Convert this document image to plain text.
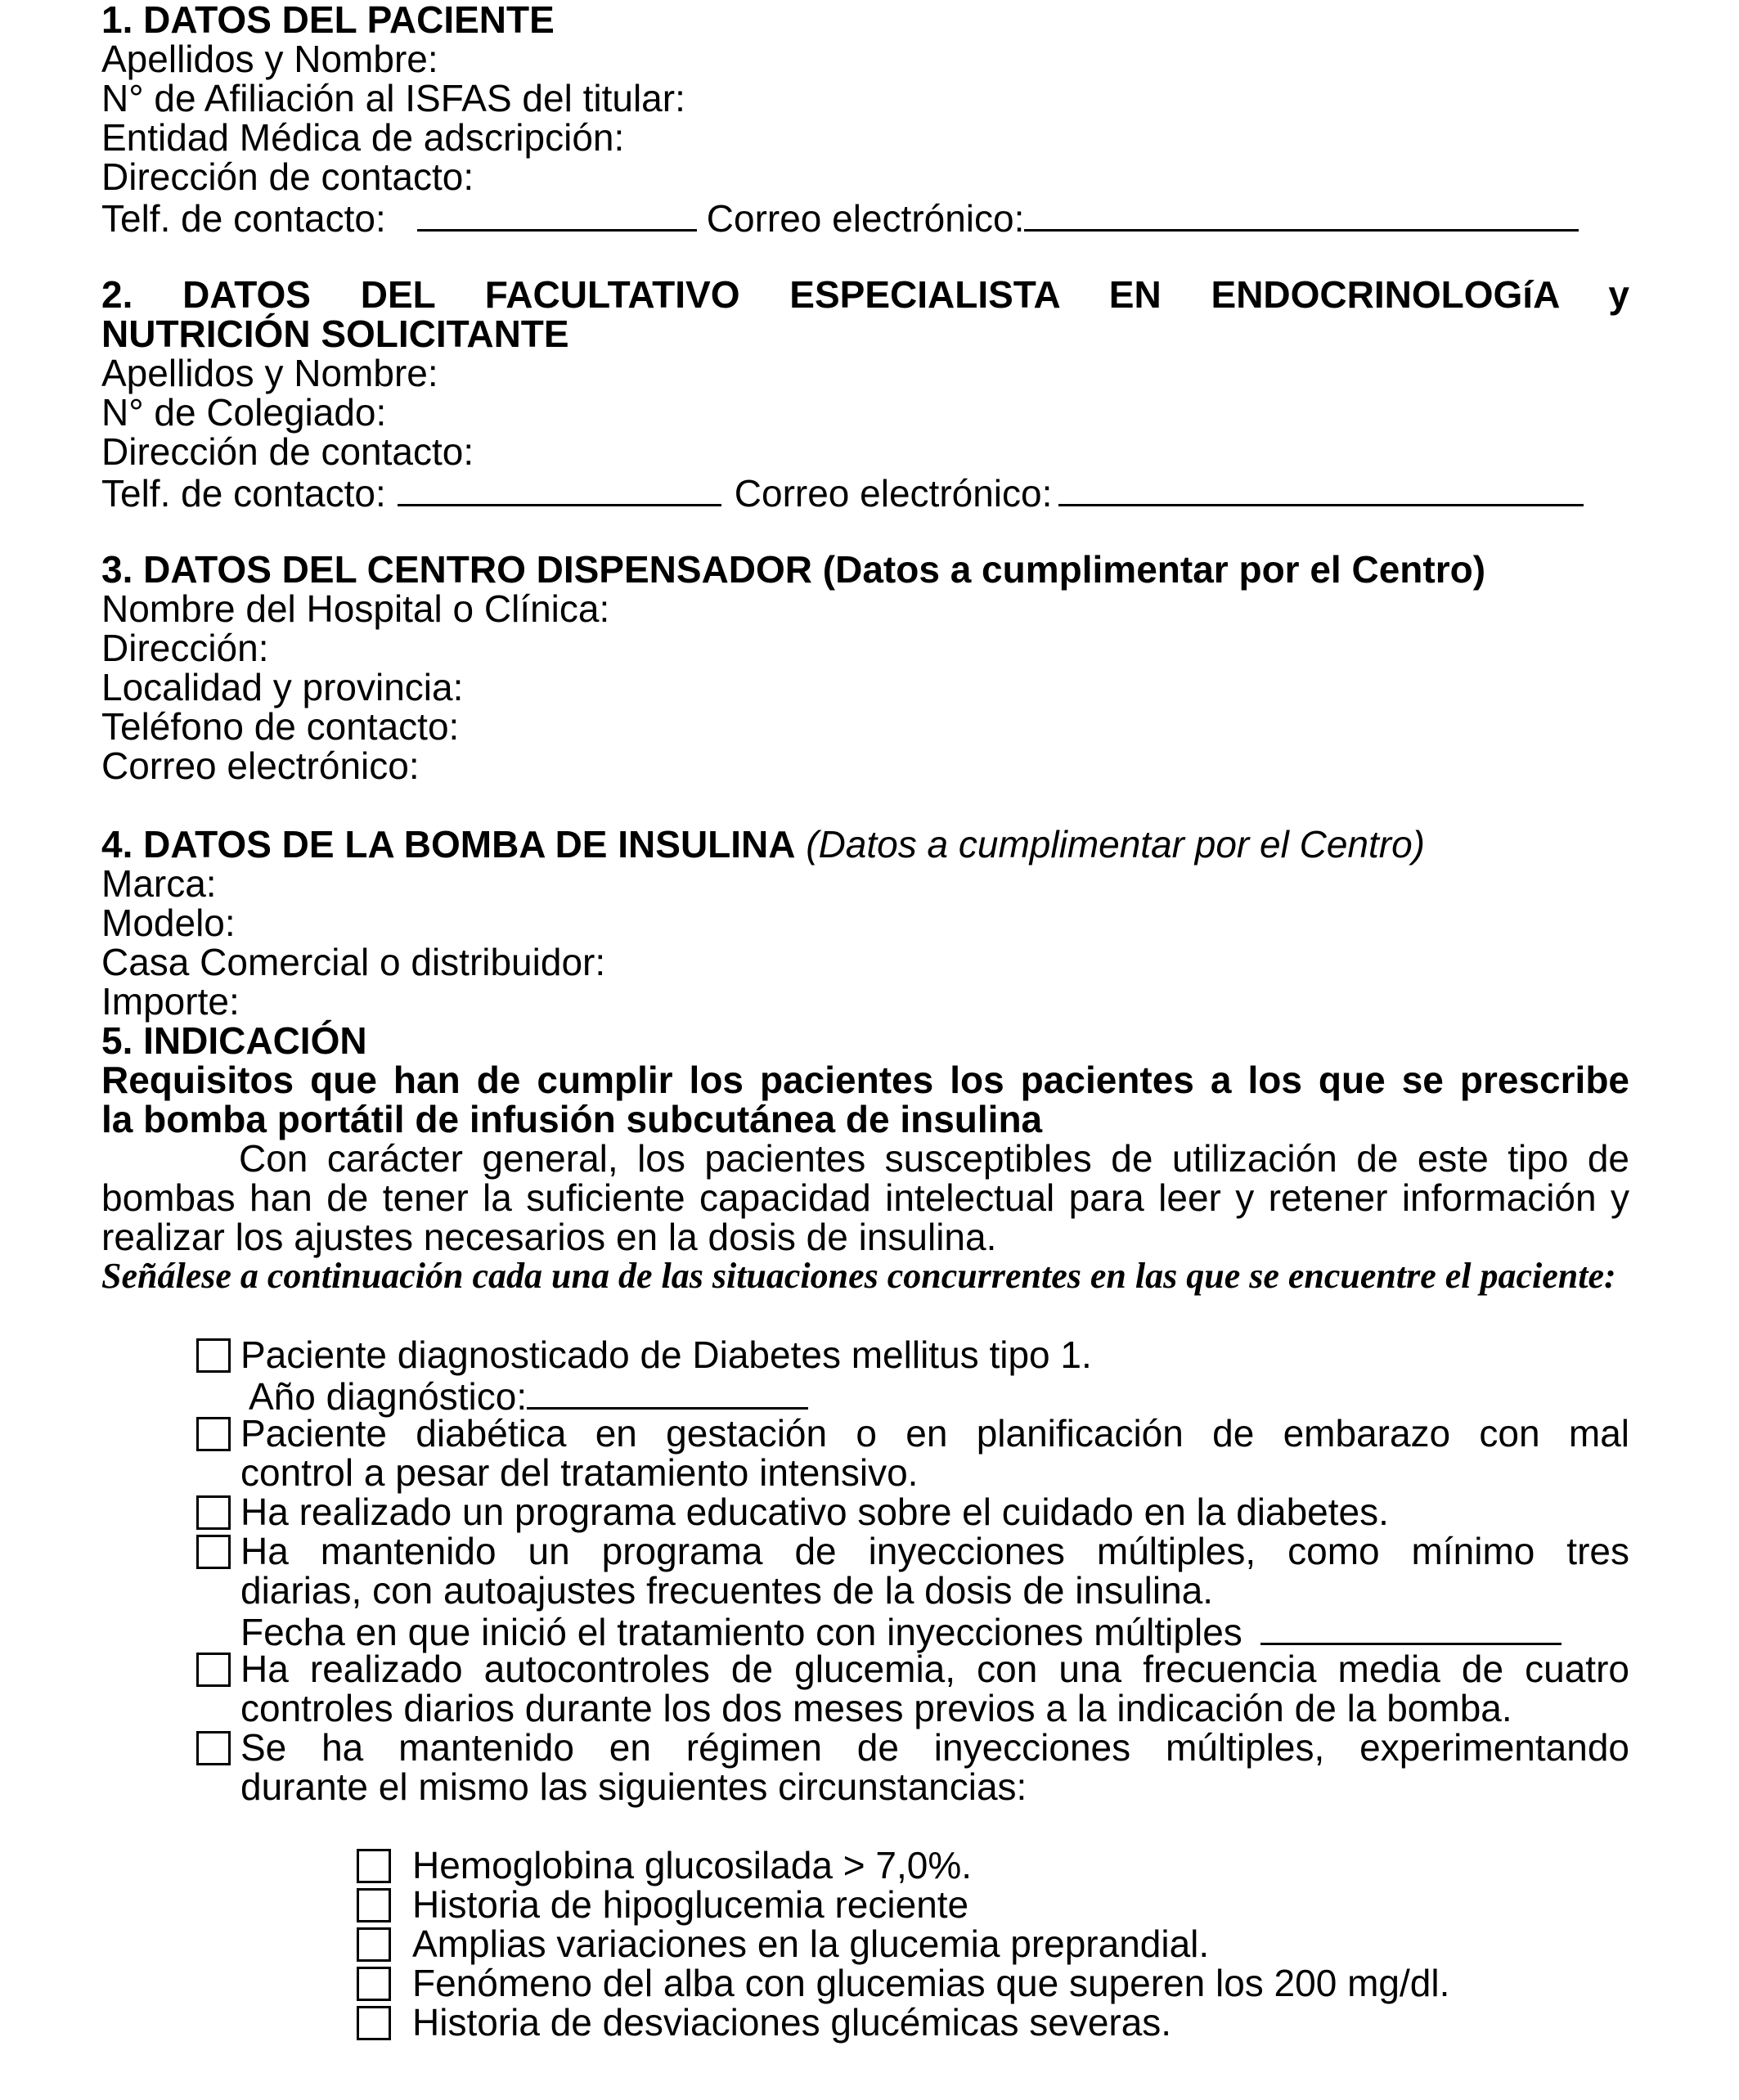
1. DATOS DEL PACIENTE
Apellidos y Nombre:
N° de Afiliación al ISFAS del titular:
Entidad Médica de adscripción:
Dirección de contacto:
Telf. de contacto:	Correo electrónico:
2. DATOS DEL FACULTATIVO ESPECIALISTA EN ENDOCRINOLOGíA y
NUTRICIÓN SOLICITANTE
Apellidos y Nombre:
N° de Colegiado:
Dirección de contacto:
Telf. de contacto:	Correo electrónico:
3. DATOS DEL CENTRO DISPENSADOR (Datos a cumplimentar por el Centro)
Nombre del Hospital o Clínica:
Dirección:
Localidad y provincia:
Teléfono de contacto:
Correo electrónico:
4. DATOS DE LA BOMBA DE INSULINA (Datos a cumplimentar por el Centro)
Marca:
Modelo:
Casa Comercial o distribuidor:
Importe:
5. INDICACIÓN
Requisitos que han de cumplir los pacientes los pacientes a los que se prescribe
la bomba portátil de infusión subcutánea de insulina
Con carácter general, los pacientes susceptibles de utilización de este tipo de bombas han de tener la suficiente capacidad intelectual para leer y retener información y realizar los ajustes necesarios en la dosis de insulina.
Señálese a continuación cada una de las situaciones concurrentes en las que se encuentre el paciente:
Paciente diagnosticado de Diabetes mellitus tipo 1.
Año diagnóstico:
Paciente diabética en gestación o en planificación de embarazo con mal
control a pesar del tratamiento intensivo.
Ha realizado un programa educativo sobre el cuidado en la diabetes.
Ha mantenido un programa de inyecciones múltiples, como mínimo tres
diarias, con autoajustes frecuentes de la dosis de insulina.
Fecha en que inició el tratamiento con inyecciones múltiples
Ha realizado autocontroles de glucemia, con una frecuencia media de cuatro
controles diarios durante los dos meses previos a la indicación de la bomba.
Se ha mantenido en régimen de inyecciones múltiples, experimentando
durante el mismo las siguientes circunstancias:
Hemoglobina glucosilada > 7,0%.
Historia de hipoglucemia reciente
Amplias variaciones en la glucemia preprandial.
Fenómeno del alba con glucemias que superen los 200 mg/dl.
Historia de desviaciones glucémicas severas.
